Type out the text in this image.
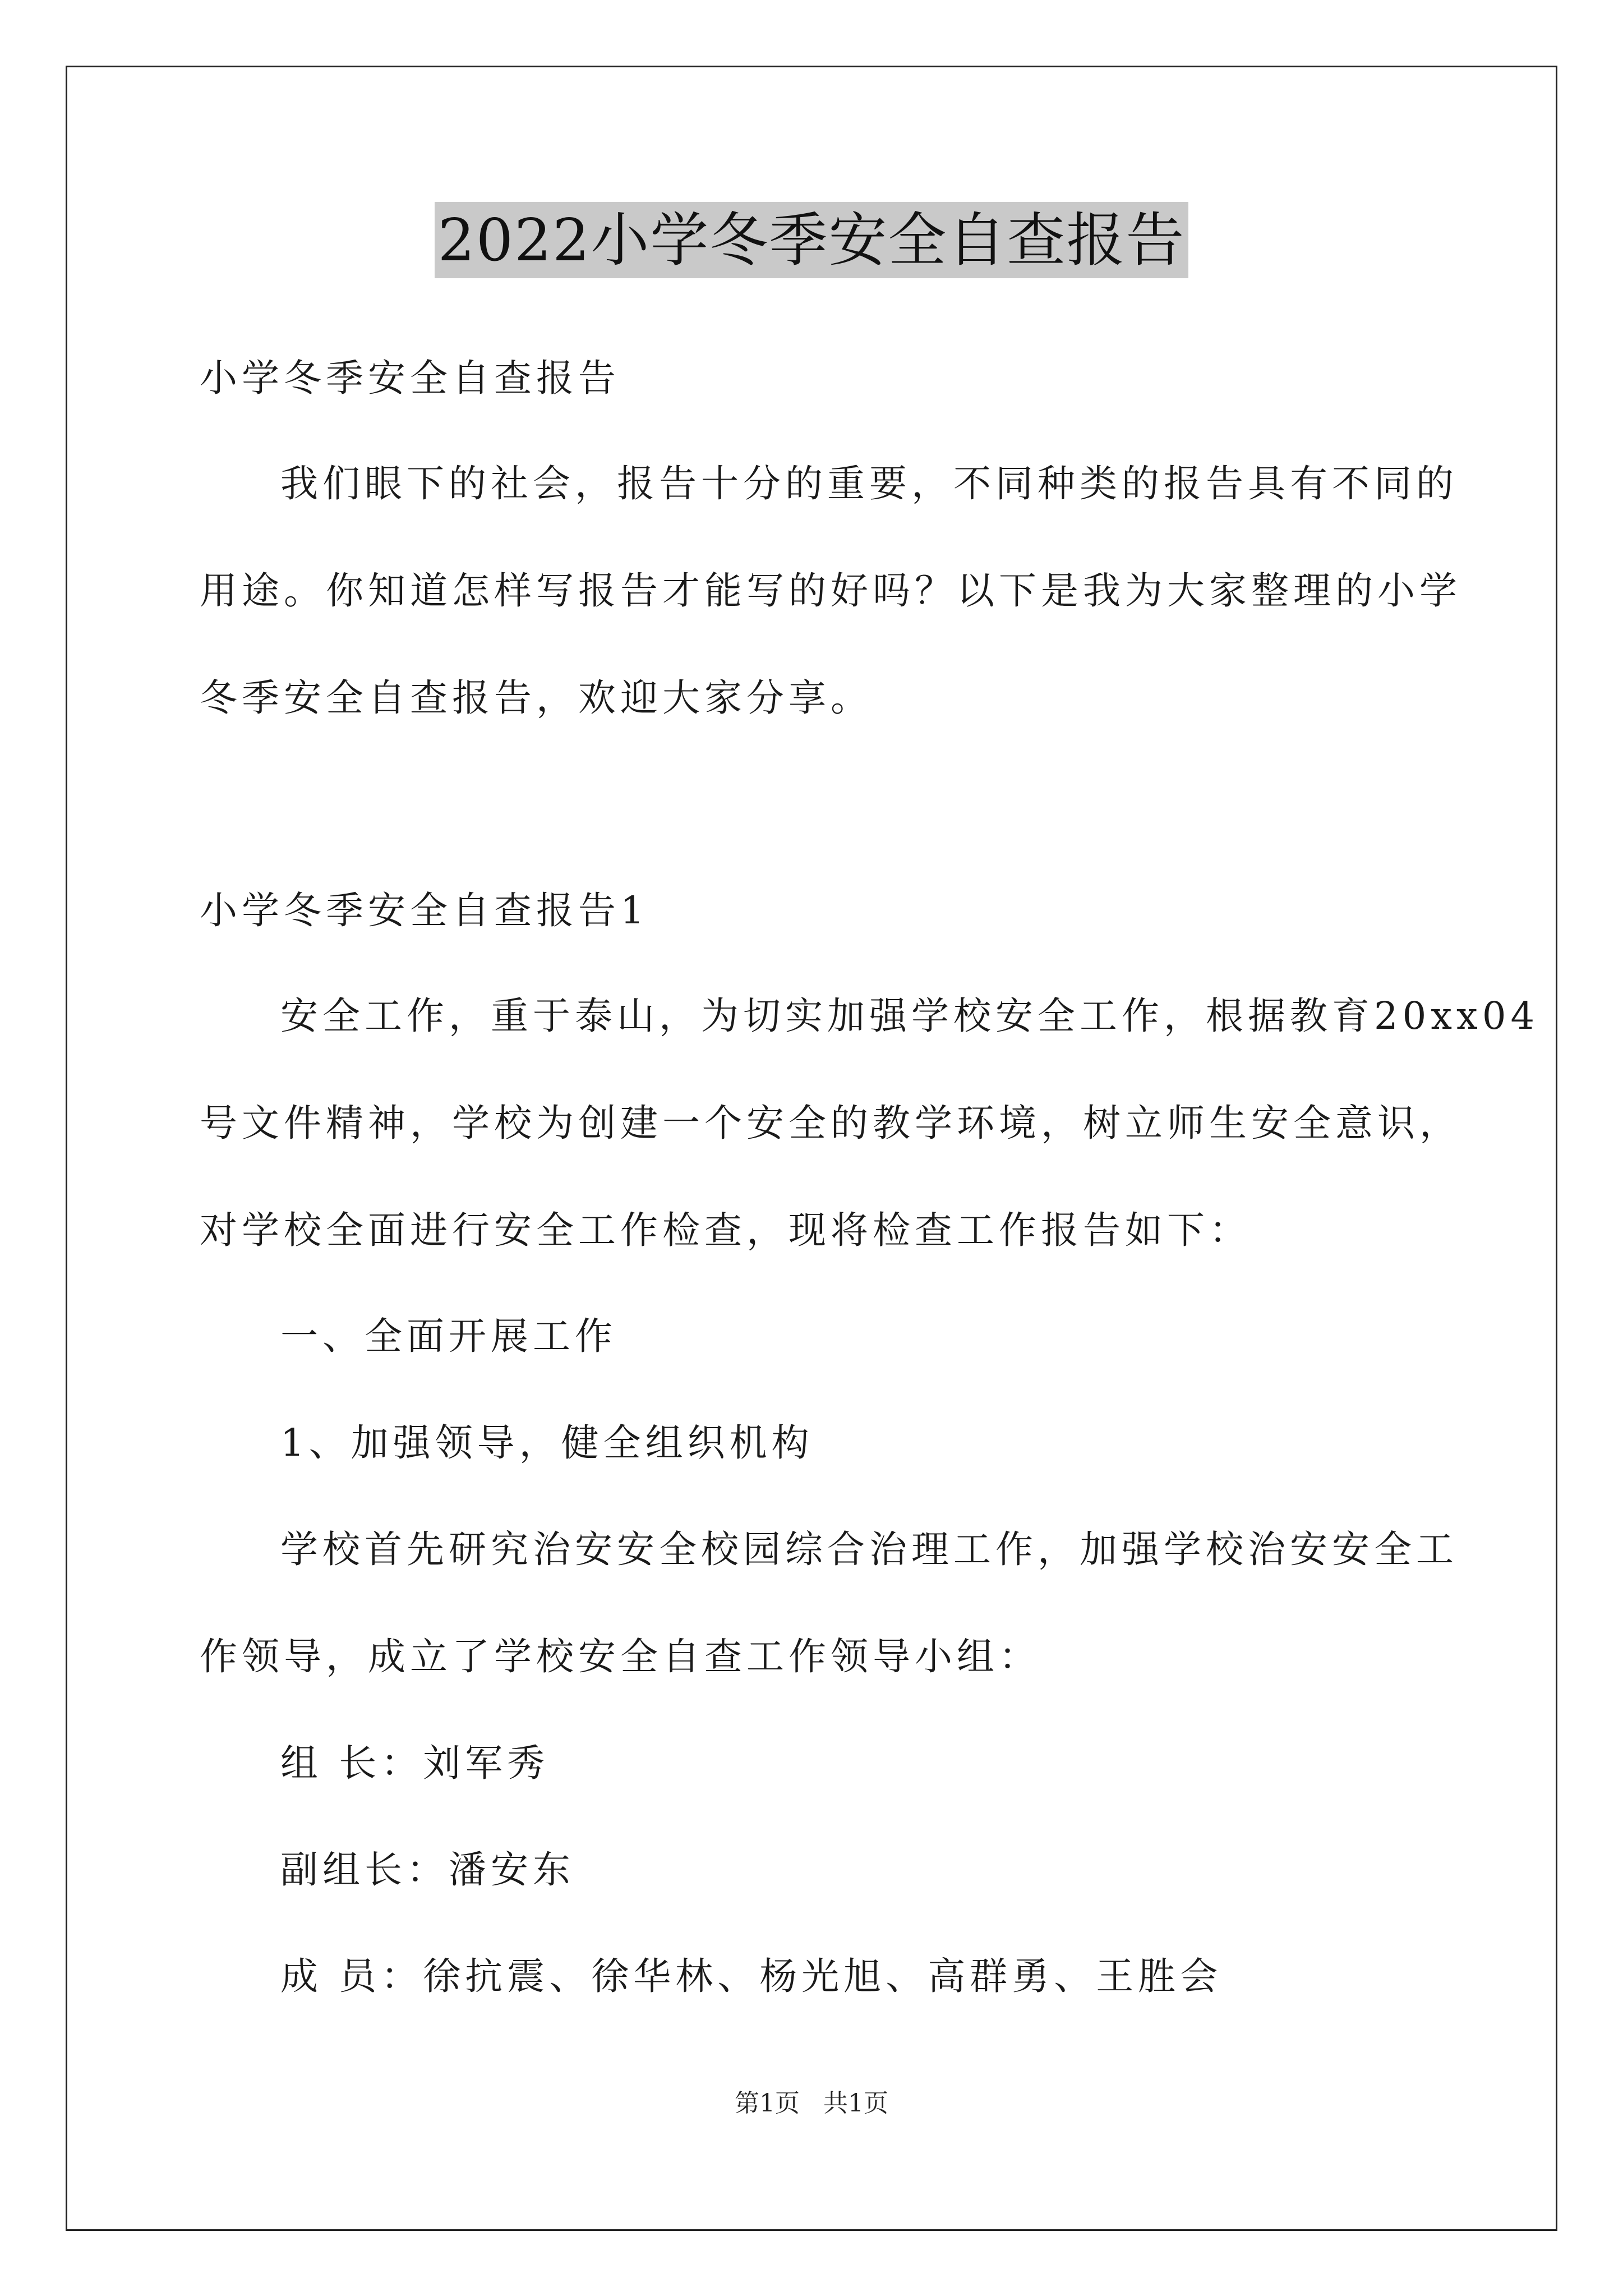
2022小学冬季安全自查报告
小学冬季安全自查报告
我们眼下的社会，报告十分的重要，不同种类的报告具有不同的
用途。你知道怎样写报告才能写的好吗？以下是我为大家整理的小学
冬季安全自查报告，欢迎大家分享。
小学冬季安全自查报告1
安全工作，重于泰山，为切实加强学校安全工作，根据教育20xx04
号文件精神，学校为创建一个安全的教学环境，树立师生安全意识，
对学校全面进行安全工作检查，现将检查工作报告如下：
一、全面开展工作
1、加强领导，健全组织机构
学校首先研究治安安全校园综合治理工作，加强学校治安安全工
作领导，成立了学校安全自查工作领导小组：
组 长：刘军秀
副组长：潘安东
成 员：徐抗震、徐华林、杨光旭、高群勇、王胜会
第1页 共1页
